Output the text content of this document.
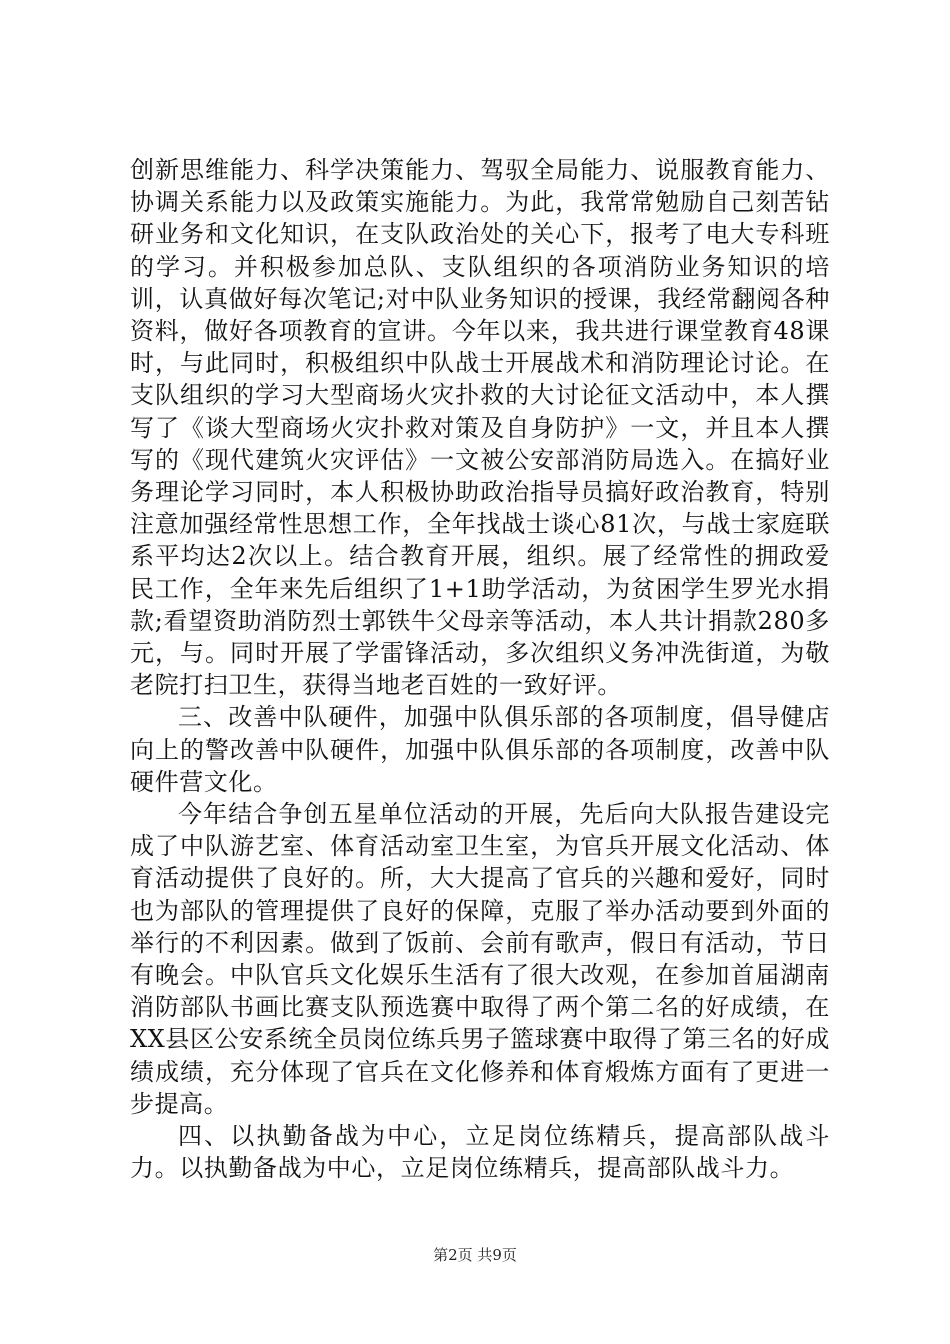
创新思维能力、科学决策能力、驾驭全局能力、说服教育能力、协调关系能力以及政策实施能力。为此，我常常勉励自己刻苦钻研业务和文化知识，在支队政治处的关心下，报考了电大专科班的学习。并积极参加总队、支队组织的各项消防业务知识的培训，认真做好每次笔记;对中队业务知识的授课，我经常翻阅各种资料，做好各项教育的宣讲。今年以来，我共进行课堂教育48课时，与此同时，积极组织中队战士开展战术和消防理论讨论。在支队组织的学习大型商场火灾扑救的大讨论征文活动中，本人撰写了《谈大型商场火灾扑救对策及自身防护》一文，并且本人撰写的《现代建筑火灾评估》一文被公安部消防局选入。在搞好业务理论学习同时，本人积极协助政治指导员搞好政治教育，特别注意加强经常性思想工作，全年找战士谈心81次，与战士家庭联系平均达2次以上。结合教育开展，组织。展了经常性的拥政爱民工作，全年来先后组织了1+1助学活动，为贫困学生罗光水捐款;看望资助消防烈士郭铁牛父母亲等活动，本人共计捐款280多元，与。同时开展了学雷锋活动，多次组织义务冲洗街道，为敬老院打扫卫生，获得当地老百姓的一致好评。

三、改善中队硬件，加强中队俱乐部的各项制度，倡导健店向上的警改善中队硬件，加强中队俱乐部的各项制度，改善中队硬件营文化。

今年结合争创五星单位活动的开展，先后向大队报告建设完成了中队游艺室、体育活动室卫生室，为官兵开展文化活动、体育活动提供了良好的。所，大大提高了官兵的兴趣和爱好，同时也为部队的管理提供了良好的保障，克服了举办活动要到外面的举行的不利因素。做到了饭前、会前有歌声，假日有活动，节日有晚会。中队官兵文化娱乐生活有了很大改观，在参加首届湖南消防部队书画比赛支队预选赛中取得了两个第二名的好成绩，在XX县区公安系统全员岗位练兵男子篮球赛中取得了第三名的好成绩成绩，充分体现了官兵在文化修养和体育煅炼方面有了更进一步提高。

四、以执勤备战为中心，立足岗位练精兵，提高部队战斗力。以执勤备战为中心，立足岗位练精兵，提高部队战斗力。

第2页 共9页
